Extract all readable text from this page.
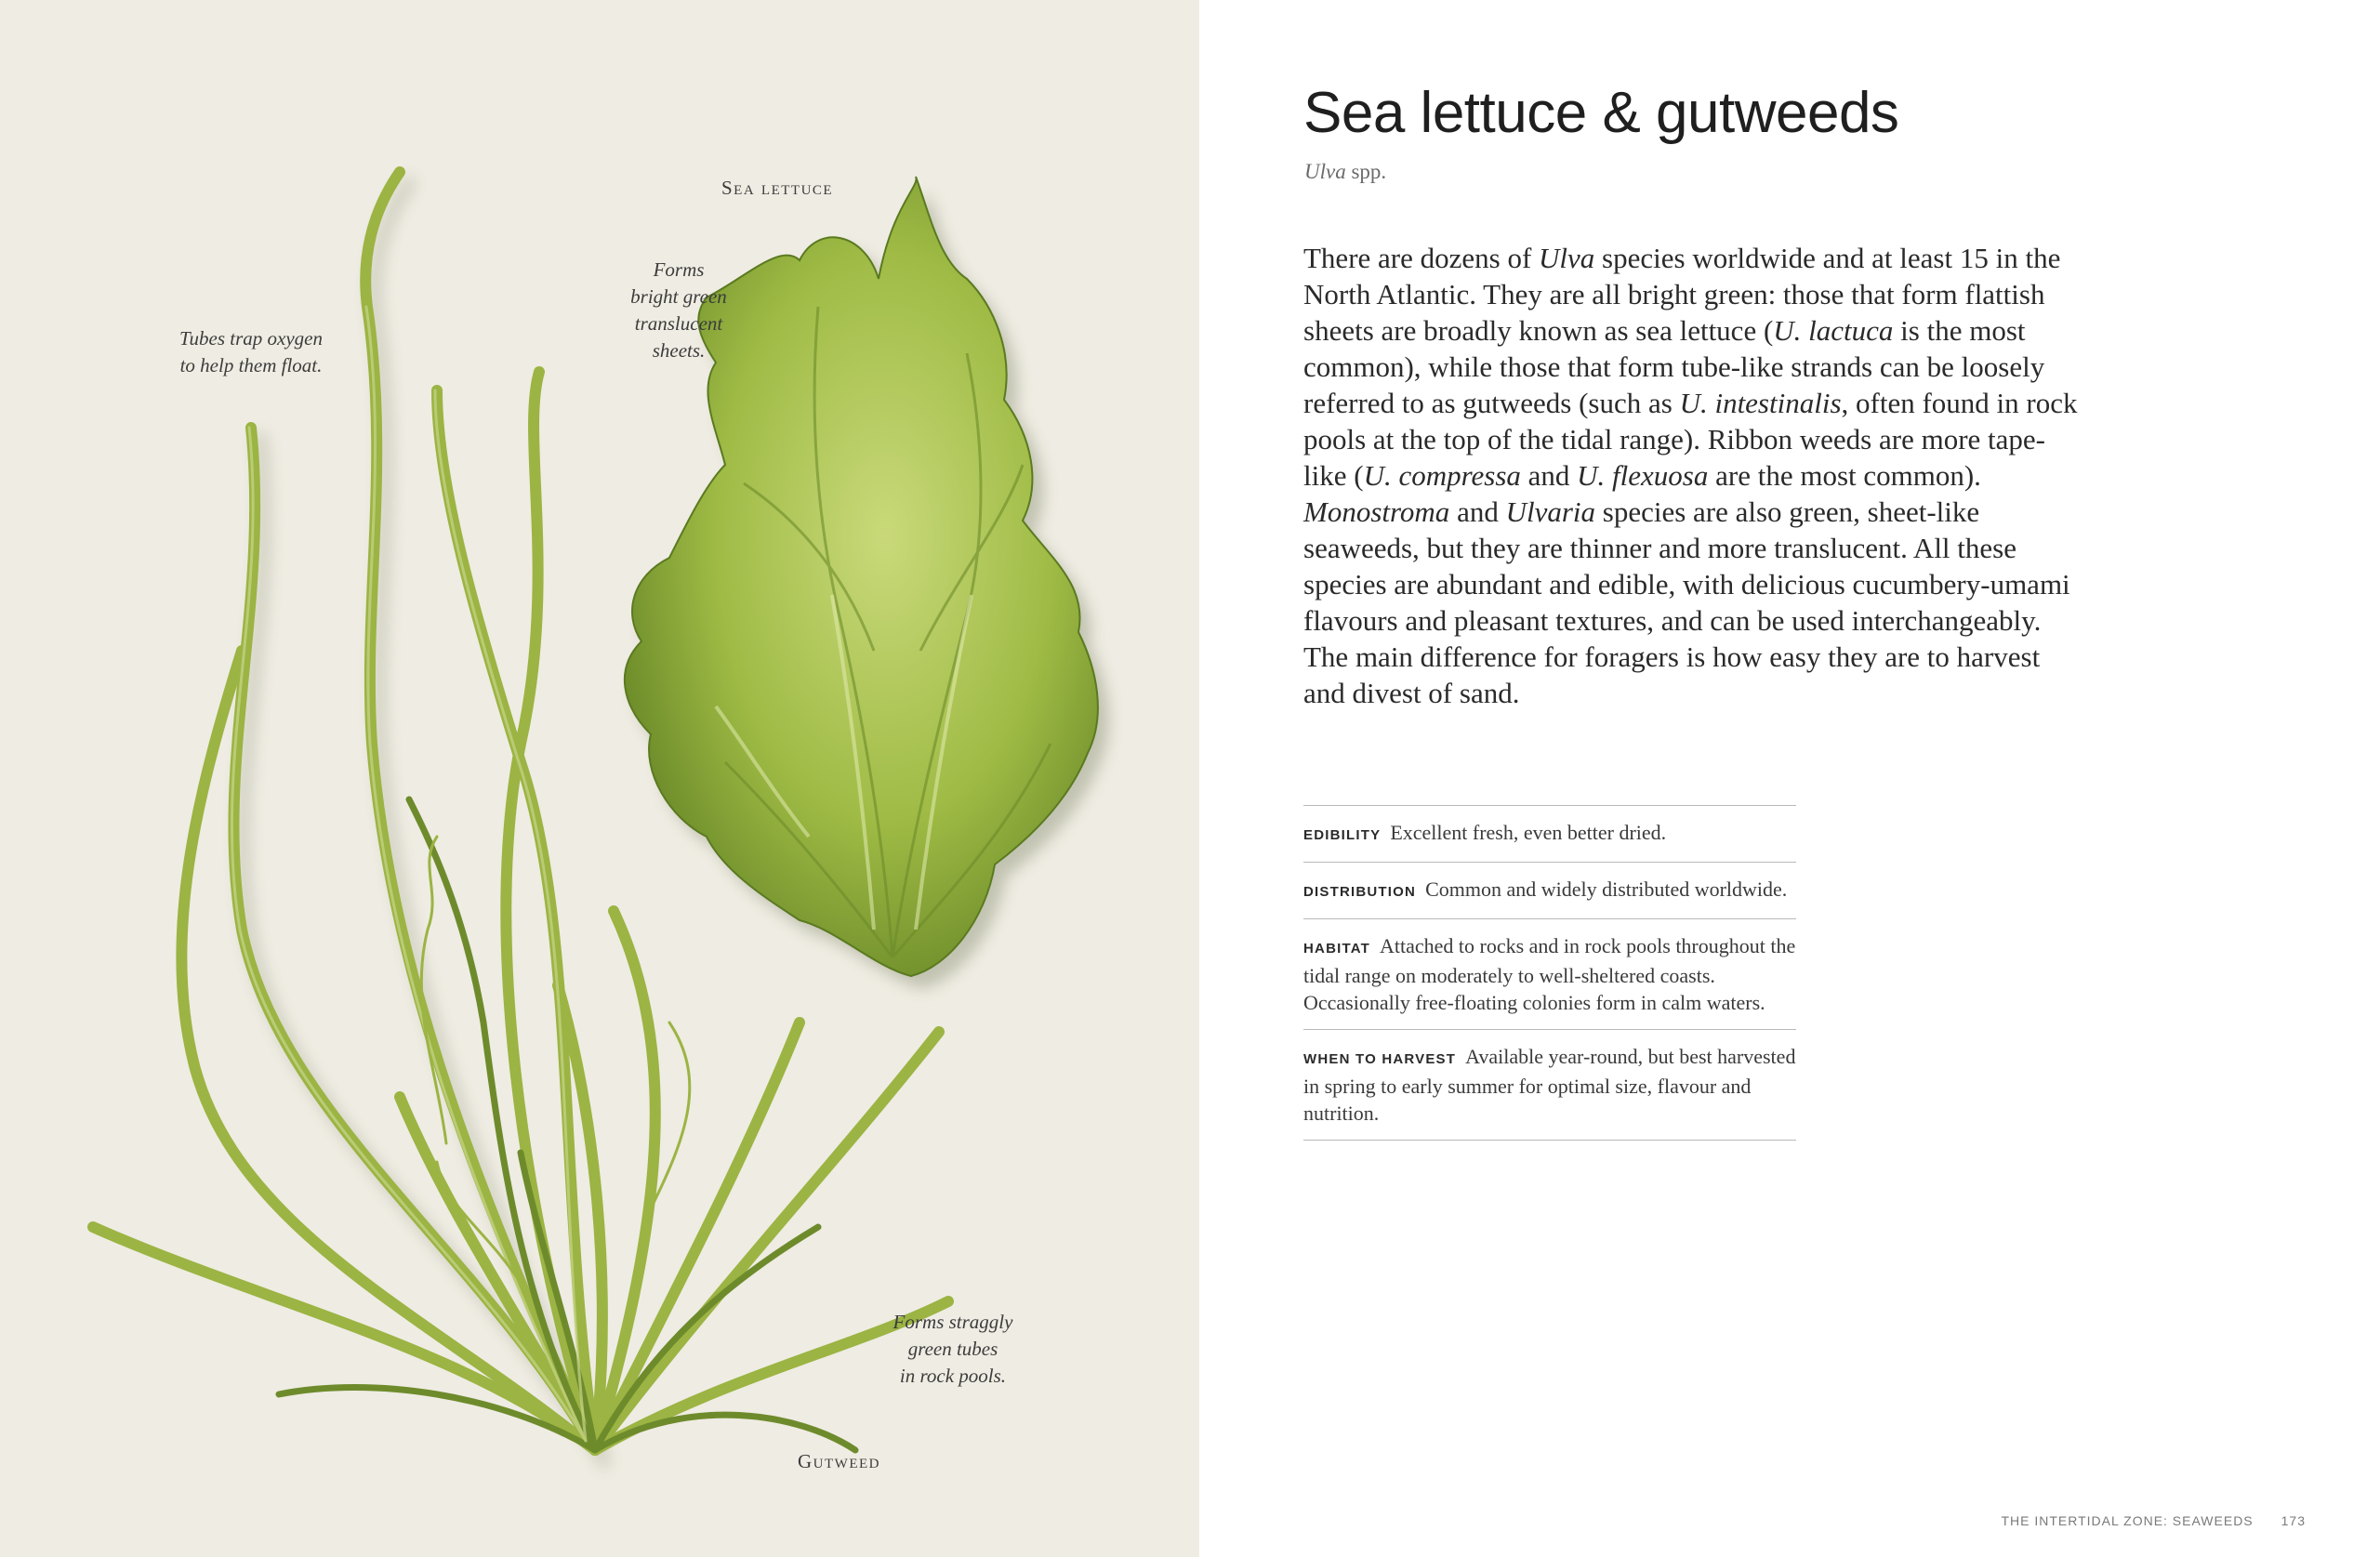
Sea lettuce
Gutweed
Tubes trap oxygen
to help them float.
Forms
bright green
translucent
sheets.
Forms straggly
green tubes
in rock pools.
Sea lettuce & gutweeds
Ulva spp.

There are dozens of Ulva species worldwide and at least 15 in the North Atlantic. They are all bright green: those that form flattish sheets are broadly known as sea lettuce (U. lactuca is the most common), while those that form tube-like strands can be loosely referred to as gutweeds (such as U. intestinalis, often found in rock pools at the top of the tidal range). Ribbon weeds are more tape-like (U. compressa and U. flexuosa are the most common). Monostroma and Ulvaria species are also green, sheet-like seaweeds, but they are thinner and more translucent. All these species are abundant and edible, with delicious cucumbery-umami flavours and pleasant textures, and can be used interchangeably. The main difference for foragers is how easy they are to harvest and divest of sand.

EDIBILITY Excellent fresh, even better dried.
DISTRIBUTION Common and widely distributed worldwide.
HABITAT Attached to rocks and in rock pools throughout the tidal range on moderately to well-sheltered coasts. Occasionally free-floating colonies form in calm waters.
WHEN TO HARVEST Available year-round, but best harvested in spring to early summer for optimal size, flavour and nutrition.
THE INTERTIDAL ZONE: SEAWEEDS 173
